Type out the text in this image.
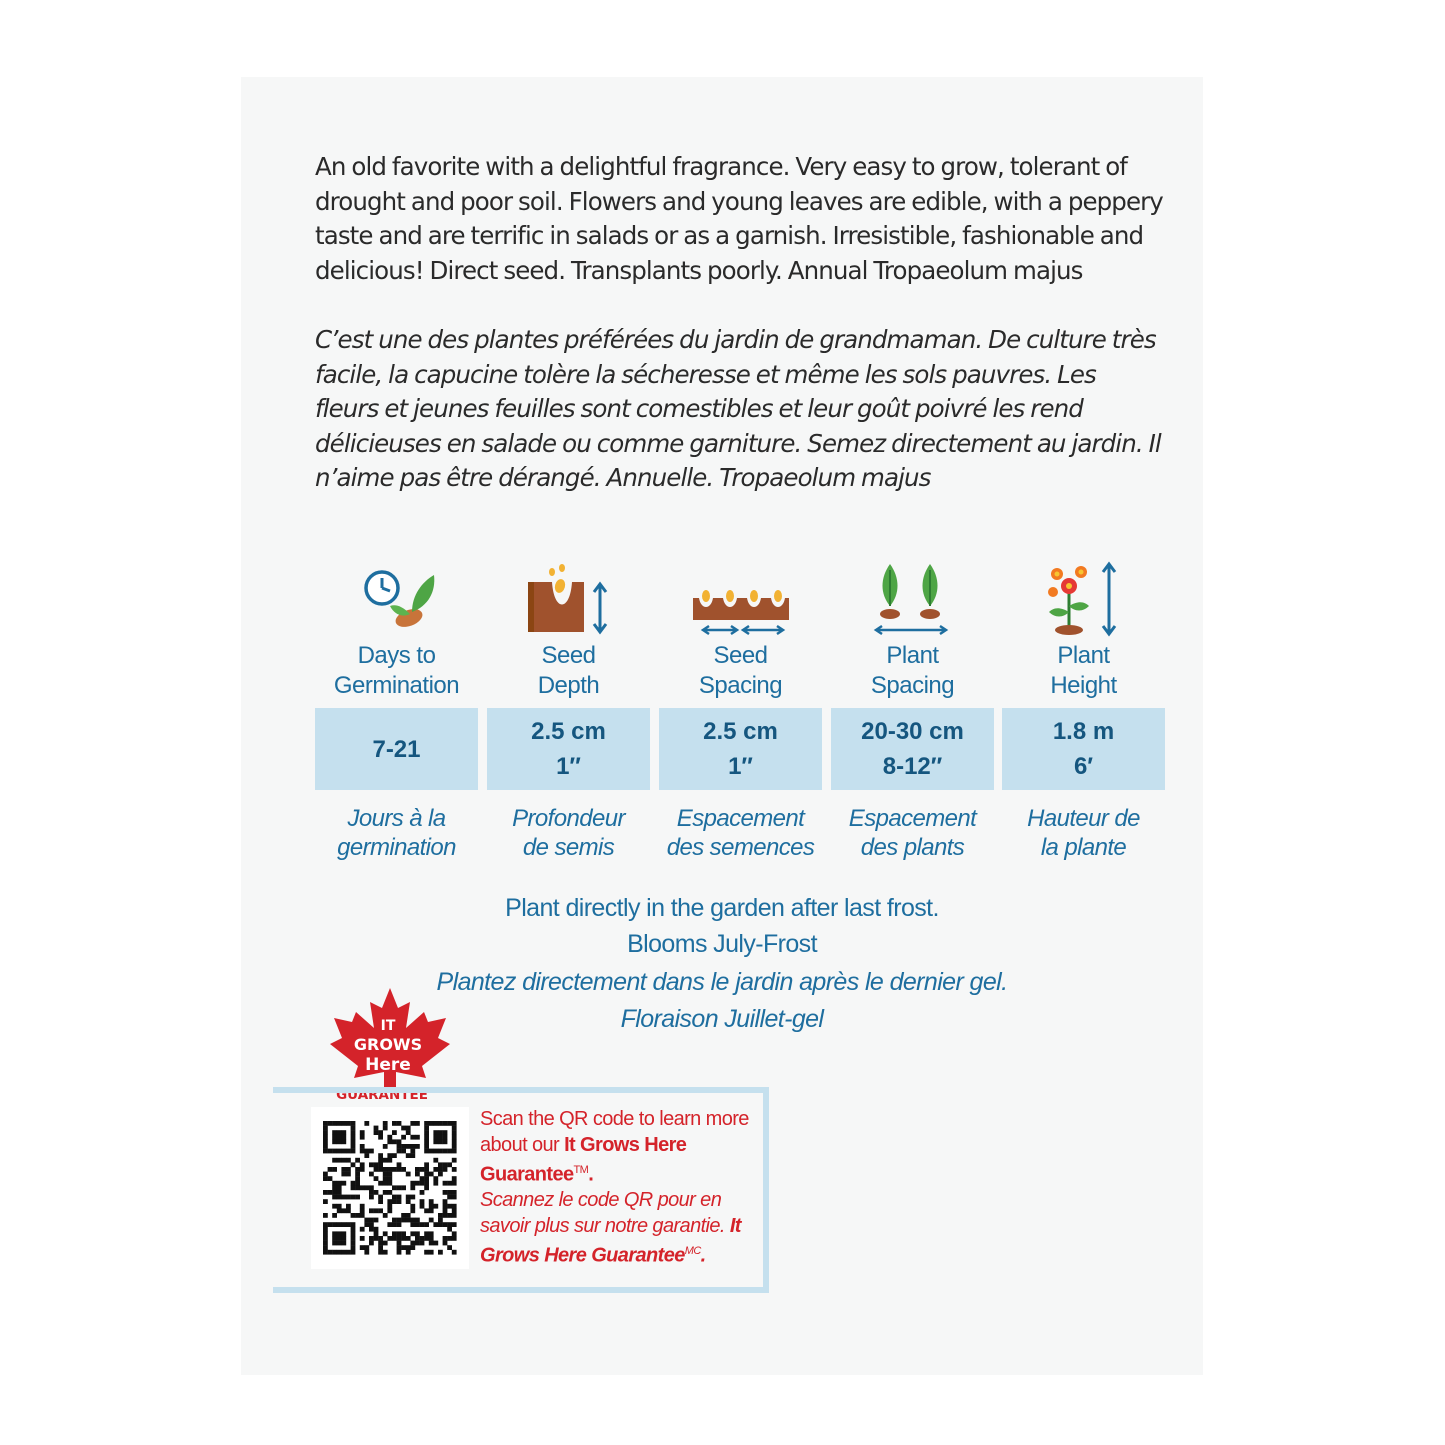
An old favorite with a delightful fragrance. Very easy to grow, tolerant of drought and poor soil. Flowers and young leaves are edible, with a peppery taste and are terrific in salads or as a garnish. Irresistible, fashionable and delicious! Direct seed. Transplants poorly. Annual Tropaeolum majus

C’est une des plantes préférées du jardin de grandmaman. De culture très facile, la capucine tolère la sécheresse et même les sols pauvres. Les fleurs et jeunes feuilles sont comestibles et leur goût poivré les rend délicieuses en salade ou comme garniture. Semez directement au jardin. Il n’aime pas être dérangé. Annuelle. Tropaeolum majus

Days to
Germination
7-21
Jours à la
germination
Seed
Depth
2.5 cm
1″
Profondeur
de semis
Seed
Spacing
2.5 cm
1″
Espacement
des semences
Plant
Spacing
20-30 cm
8-12″
Espacement
des plants
Plant
Height
1.8 m
6′
Hauteur de
la plante
Plant directly in the garden after last frost.
Blooms July-Frost
Plantez directement dans le jardin après le dernier gel.
Floraison Juillet-gel
IT
GROWS
Here
GUARANTEE™
Scan the QR code to learn more about our It Grows Here Guarantee™.
Scannez le code QR pour en savoir plus sur notre garantie. It Grows Here Guarantee$^{MC}$.
